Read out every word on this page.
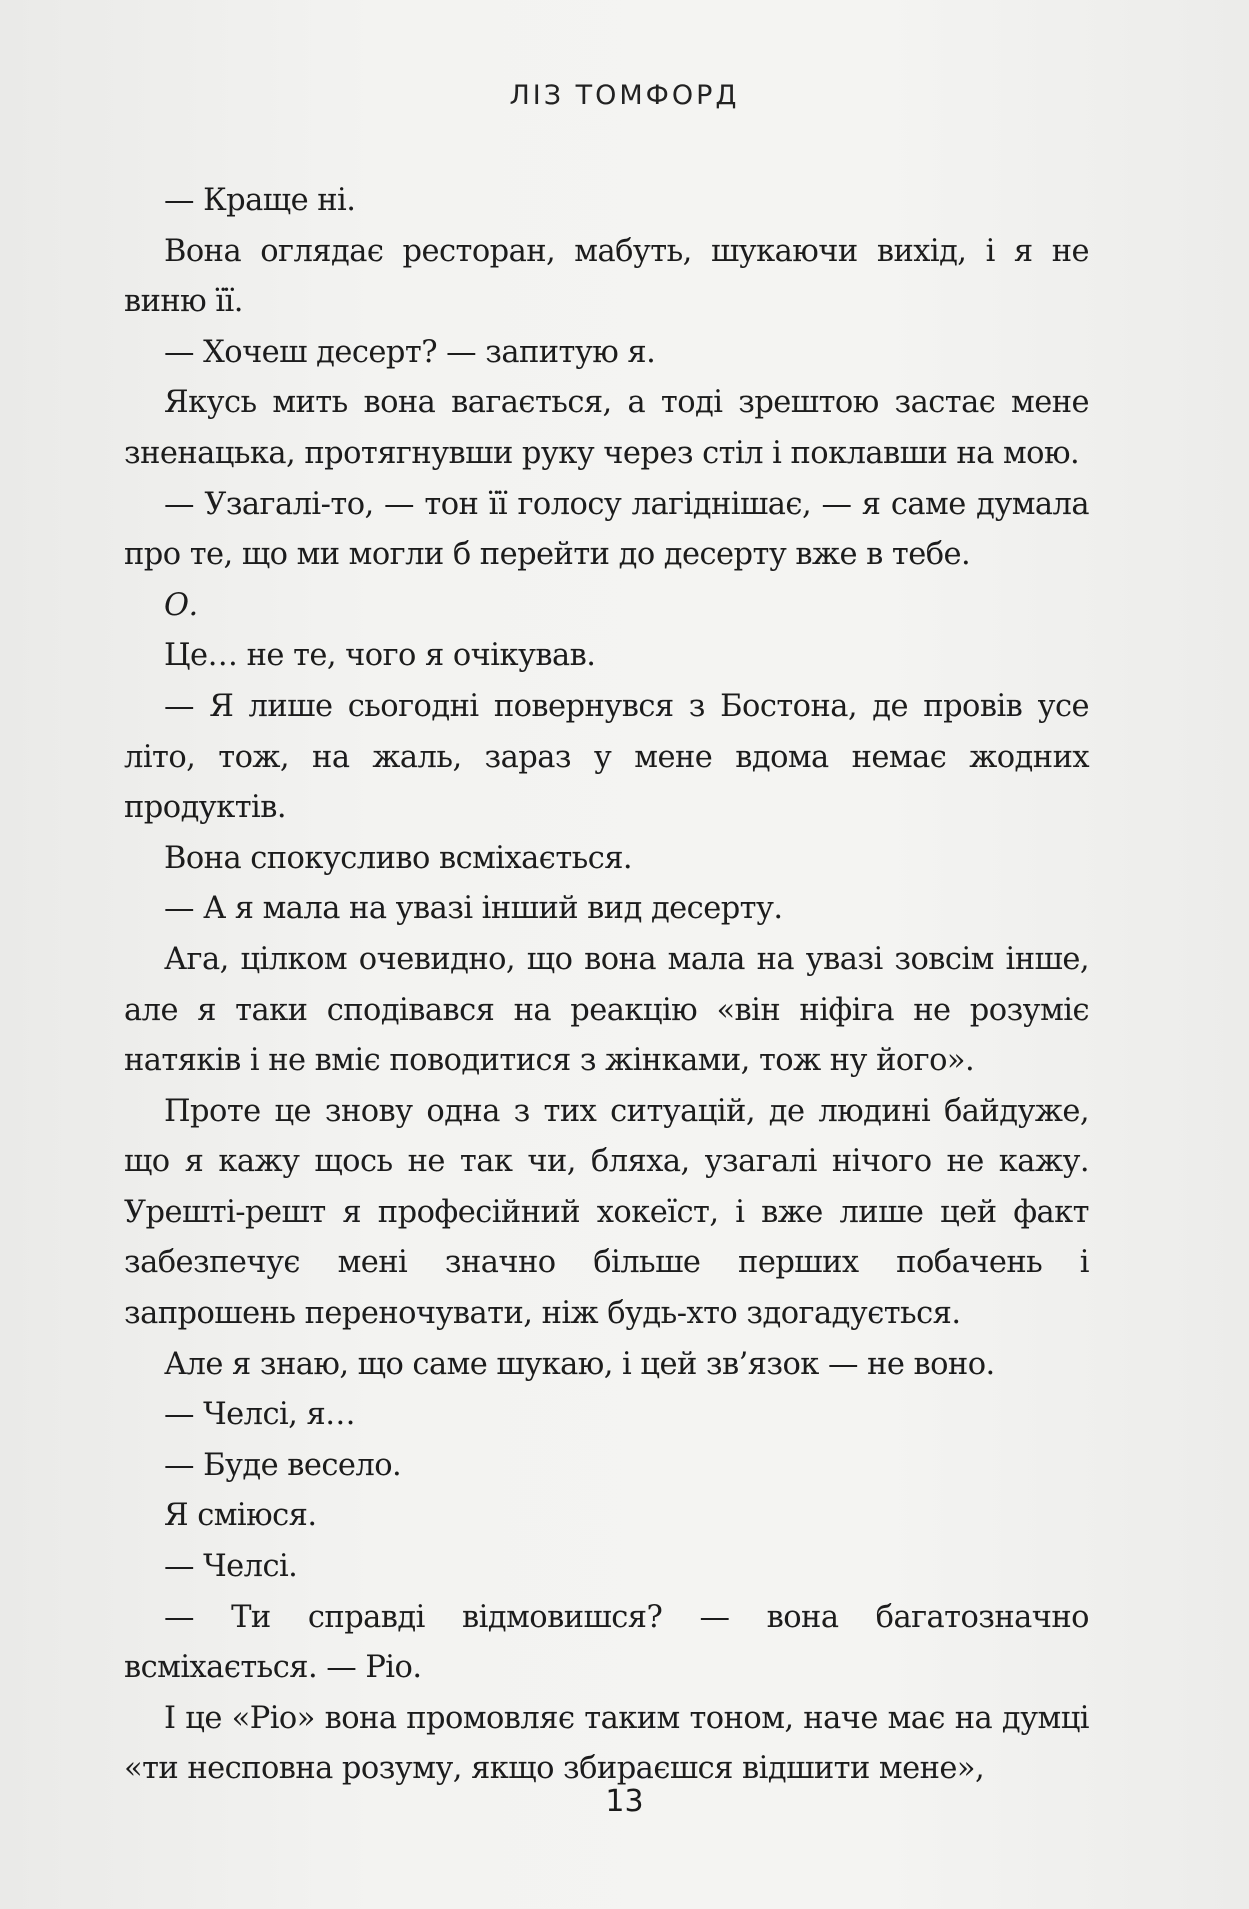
ЛІЗ ТОМФОРД

— Краще ні.

Вона оглядає ресторан, мабуть, шукаючи вихід, і я не виню її.

— Хочеш десерт? — запитую я.

Якусь мить вона вагається, а тоді зрештою застає мене зненацька, протягнувши руку через стіл і поклавши на мою.

— Узагалі-то, — тон її голосу лагіднішає, — я саме думала про те, що ми могли б перейти до десерту вже в тебе.

О.

Це… не те, чого я очікував.

— Я лише сьогодні повернувся з Бостона, де провів усе літо, тож, на жаль, зараз у мене вдома немає жодних продуктів.

Вона спокусливо всміхається.

— А я мала на увазі інший вид десерту.

Ага, цілком очевидно, що вона мала на увазі зовсім інше, але я таки сподівався на реакцію «він ніфіга не розуміє натяків і не вміє поводитися з жінками, тож ну його».

Проте це знову одна з тих ситуацій, де людині байдуже, що я кажу щось не так чи, бляха, узагалі нічого не кажу. Урешті-решт я професійний хокеїст, і вже лише цей факт забезпечує мені значно більше перших побачень і запрошень переночувати, ніж будь-хто здогадується.

Але я знаю, що саме шукаю, і цей зв’язок — не воно.

— Челсі, я…

— Буде весело.

Я сміюся.

— Челсі.

— Ти справді відмовишся? — вона багатозначно всміхається. — Ріо.

І це «Ріо» вона промовляє таким тоном, наче має на думці «ти несповна розуму, якщо збираєшся відшити мене»,

13
